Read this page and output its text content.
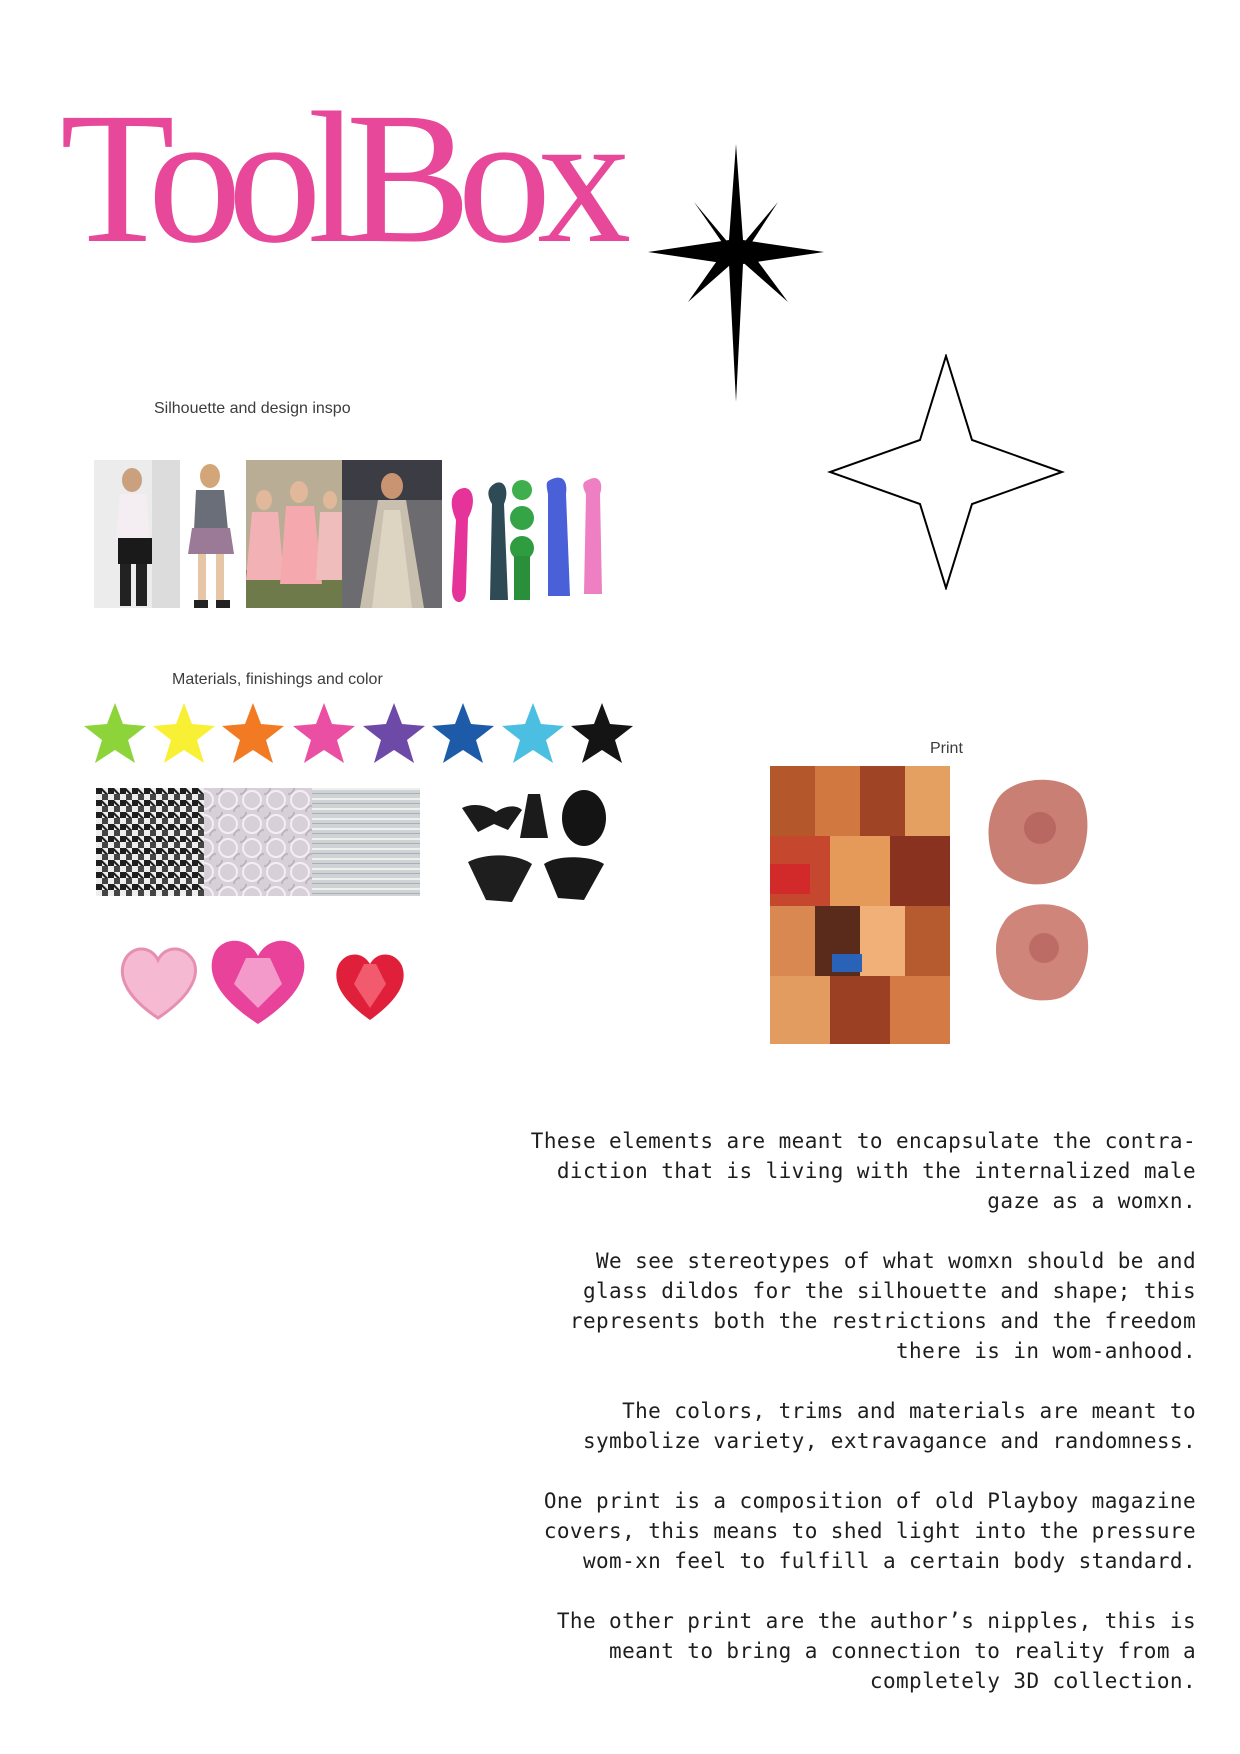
ToolBox
Silhouette and design inspo
Materials, finishings and color
Print

These elements are meant to encapsulate the contra-diction that is living with the internalized male gaze as a womxn.

We see stereotypes of what womxn should be and glass dildos for the silhouette and shape; this represents both the restrictions and the freedom there is in wom-anhood.

The colors, trims and materials are meant to symbolize variety, extravagance and randomness.

One print is a composition of old Playboy magazine covers, this means to shed light into the pressure wom-xn feel to fulfill a certain body standard.

The other print are the author’s nipples, this is meant to bring a connection to reality from a completely 3D collection.
